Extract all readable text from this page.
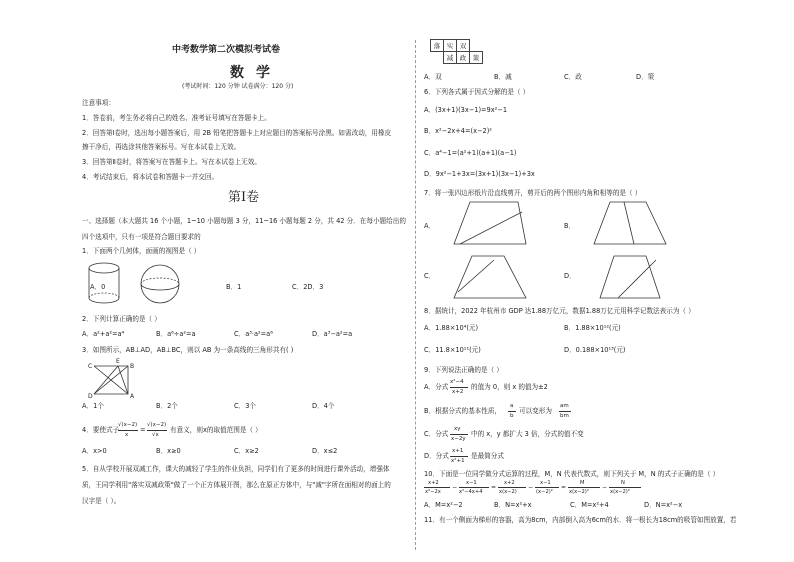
中考数学第二次模拟考试卷
数学
(考试时间：120 分钟 试卷满分：120 分)
注意事项：
1．答卷前，考生务必将自己的姓名、准考证号填写在答题卡上。
2．回答第Ⅰ卷时，选出每小题答案后，用 2B 铅笔把答题卡上对应题目的答案标号涂黑。如需改动，用橡皮
擦干净后，再选涂其他答案标号。写在本试卷上无效。
3．回答第Ⅱ卷时，将答案写在答题卡上。写在本试卷上无效。
4．考试结束后，将本试卷和答题卡一并交回。
第Ⅰ卷
一、选择题（本大题共 16 个小题，1~10 小题每题 3 分，11~16 小题每题 2 分，共 42 分．在每小题给出的
四个选项中，只有一项是符合题目要求的
1．下面两个几何体，面画的视图是（ ）
A．0	B．1	C．2D．3
2．下列计算正确的是（ ）
A．a²+a²=a⁴	B．a⁶÷a²=a	C．a³·a²=a⁶	D．a³−a²=a
3．如图所示，AB⊥AD，AB⊥BC，则以 AB 为一条高线的三角形共有( )
C
E
B
D	A
A．1个	B．2个	C．3个	D．4个
4．要使式子
√(x−2)
x
=
√(x−2)
√x
有意义，则x的取值范围是（ ）
A．x>0	B．x≥0	C．x≥2	D．x≤2
5．自从学校开展双减工作，课大的减轻了学生的作业负担，同学们有了更多的时间进行课外活动，增强体
质，王同学利用"落实双减政策"做了一个正方体展开图，那么在原正方体中，与"减"字所在面相对的面上的
汉字是（ ）。
落	实	双	
	减	政	策
A．双	B．减	C．政	D．策
6．下列各式属于因式分解的是（ ）
A．(3x+1)(3x−1)=9x²−1
B．x²−2x+4=(x−2)²
C．a⁴−1=(a²+1)(a+1)(a−1)
D．9x²−1+3x=(3x+1)(3x−1)+3x
7．将一张四边形纸片沿直线剪开，剪开后的两个图形内角和相等的是（ ）
A．	B．
C．	D．
8．据统计，2022 年杭州市 GDP 达1.88万亿元，数据1.88万亿元用科学记数法表示为（ ）
A．1.88×10⁴(元)	B．1.88×10¹²(元)
C．11.8×10¹¹(元)	D．0.188×10¹³(元)
9．下列说法正确的是（ ）
A．分式
x²−4
x+2
的值为 0，则 x 的值为±2
B．根据分式的基本性质，
a
b
可以变形为
am
bm
C．分式
xy
x−2y
中的 x，y 都扩大 3 倍，分式的值不变
D．分式
x+1
x²+1
是最简分式
10．下面是一位同学做分式运算的过程，M，N 代表代数式，则下列关于 M，N 的式子正确的是（ ）
x+2
x²−2x
−
x−1
x²−4x+4
=
x+2
x(x−2)
−
x−1
(x−2)²
=
M
x(x−2)²
−
N
x(x−2)²
A．M=x²−2	B．N=x²+x	C．M=x²+4	D．N=x²−x
11．有一个侧面为梯形的容器，高为8cm，内部倒入高为6cm的水．将一根长为18cm的吸管如图放置，若
